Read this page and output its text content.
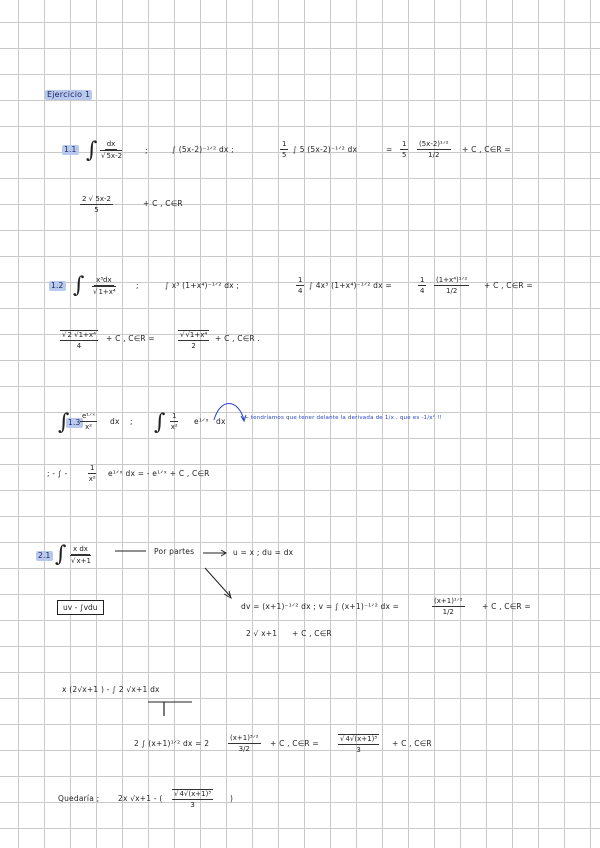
Ejercicio 1
1.1 ∫ dx
√ 5x-2	;	∫ (5x-2)⁻¹ᐟ² dx ;	$\frac{1}{5}$ ∫ 5 (5x-2)⁻¹ᐟ² dx	= $\frac{1}{5}$ (5x-2)¹ᐟ²
1/2
+ C , C∈R =
$\frac{2 √ 5x-2}{5}$	+ C , C∈R
1.2 ∫ x³dx
√ 1+x⁴	;	∫ x³ (1+x⁴)⁻¹ᐟ² dx ;	$\frac{1}{4}$ ∫ 4x³ (1+x⁴)⁻¹ᐟ² dx =	$\frac{1}{4}$ (1+x⁴)¹ᐟ²
1/2
+ C , C∈R =
√ $\frac{\text{2 √1+x⁴}}{4} + C$ , C∈R =	√ $\frac{\text{√1+x⁴}}{2} + C$ , C∈R .
1.3
∫ e¹ᐟˣ
x²
dx ; ∫ $\frac{1}{\text{x²}}$ e¹ᐟˣ dx	← tendríamos que tener delante la derivada de 1/x , que es -1/x² !!
; - ∫ -	$\frac{1}{\text{x²}}$ e¹ᐟˣ dx = - e¹ᐟˣ + C , C∈R
2.1 ∫ x dx
√ x+1	Por partes	u = x ; du = dx
uv - ∫vdu	dv = (x+1)⁻¹ᐟ² dx ; v = ∫ (x+1)⁻¹ᐟ² dx =
(x+1)¹ᐟ²
1/2
+ C , C∈R =
2 √ x+1 + C , C∈R
x (2√x+1 ) - ∫ 2 √x+1 dx
2 ∫ (x+1)¹ᐟ² dx = 2
(x+1)³ᐟ²
3/2
+ C , C∈R =	√ $\frac{\text{4√(x+1)³}}{3} + C$ , C∈R
Quedaría ; 2x √x+1 - ( √ $\frac{\text{4√(x+1)³}}{3}$ )
